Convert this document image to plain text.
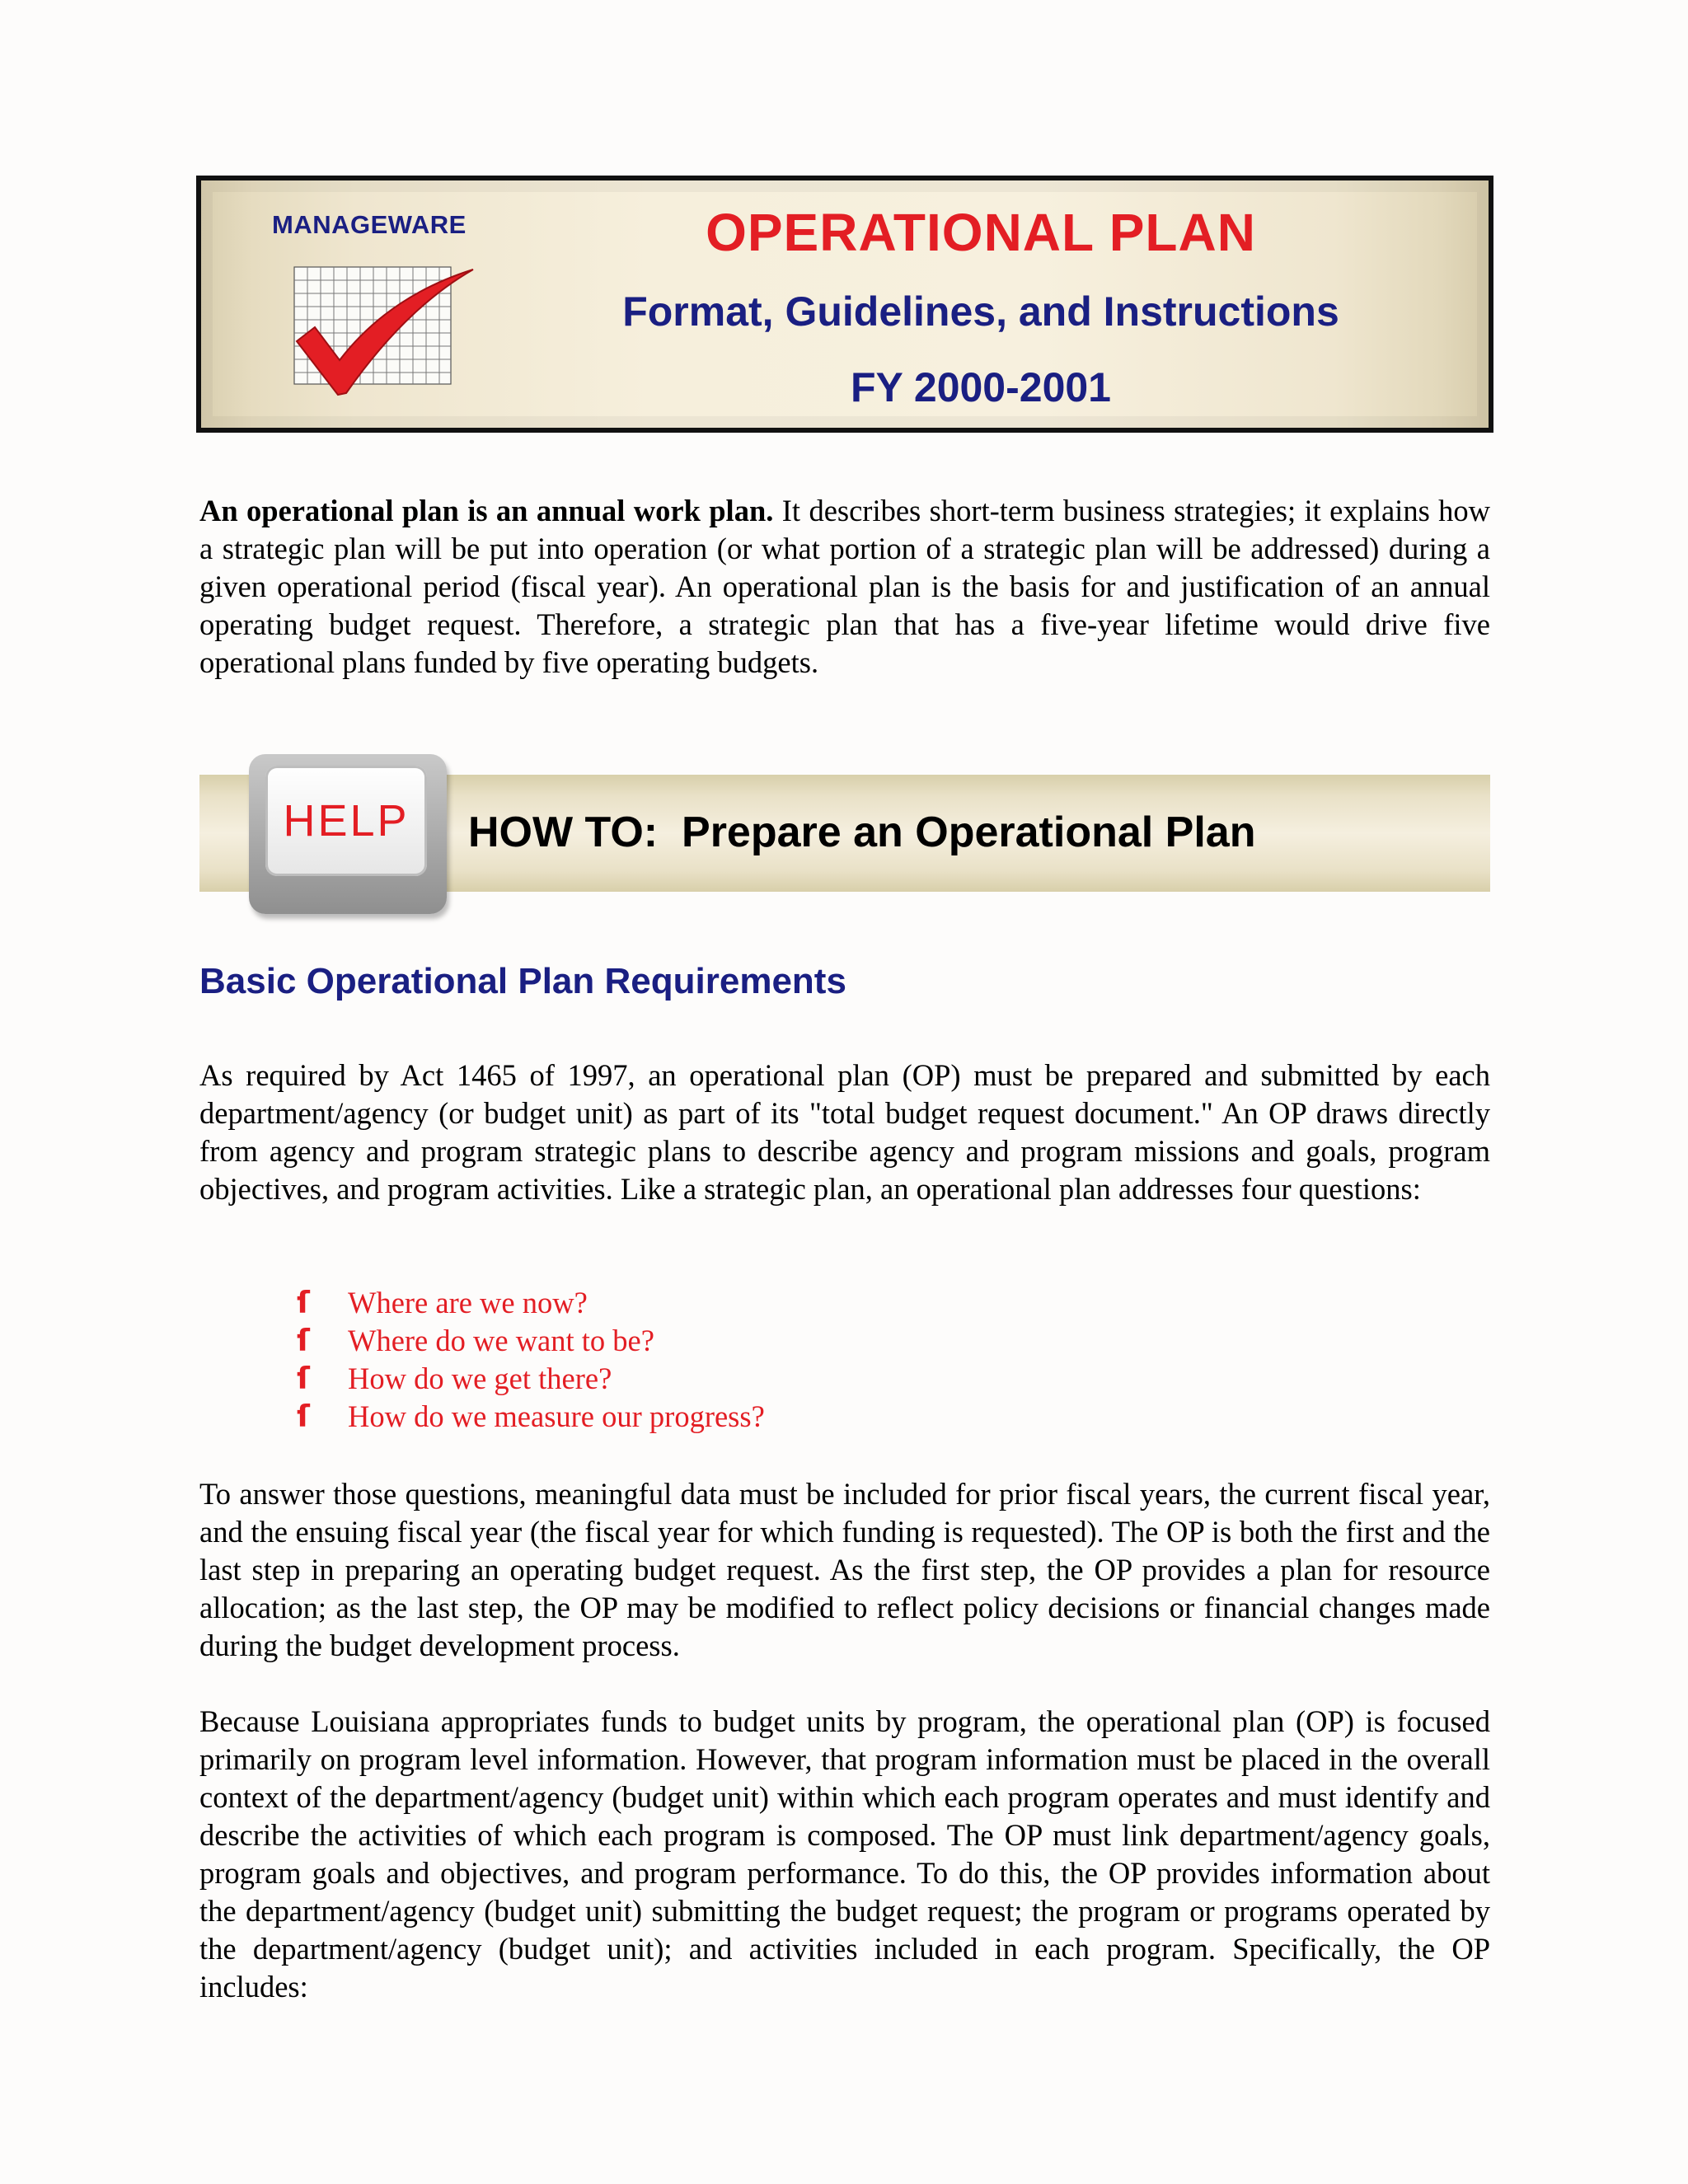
MANAGEWARE	OPERATIONAL PLAN
Format, Guidelines, and Instructions
FY 2000-2001

An operational plan is an annual work plan. It describes short-term business strategies; it explains how a strategic plan will be put into operation (or what portion of a strategic plan will be addressed) during a given operational period (fiscal year). An operational plan is the basis for and justification of an annual operating budget request. Therefore, a strategic plan that has a five-year lifetime would drive five operational plans funded by five operating budgets.

HELP	HOW TO:  Prepare an Operational Plan
Basic Operational Plan Requirements

As required by Act 1465 of 1997, an operational plan (OP) must be prepared and submitted by each department/agency (or budget unit) as part of its "total budget request document." An OP draws directly from agency and program strategic plans to describe agency and program missions and goals, program objectives, and program activities. Like a strategic plan, an operational plan addresses four questions:

ſ Where are we now?
ſ Where do we want to be?
ſ How do we get there?
ſ How do we measure our progress?

To answer those questions, meaningful data must be included for prior fiscal years, the current fiscal year, and the ensuing fiscal year (the fiscal year for which funding is requested). The OP is both the first and the last step in preparing an operating budget request. As the first step, the OP provides a plan for resource allocation; as the last step, the OP may be modified to reflect policy decisions or financial changes made during the budget development process.

Because Louisiana appropriates funds to budget units by program, the operational plan (OP) is focused primarily on program level information. However, that program information must be placed in the overall context of the department/agency (budget unit) within which each program operates and must identify and describe the activities of which each program is composed. The OP must link department/agency goals, program goals and objectives, and program performance. To do this, the OP provides information about the department/agency (budget unit) submitting the budget request; the program or programs operated by the department/agency (budget unit); and activities included in each program. Specifically, the OP includes:
